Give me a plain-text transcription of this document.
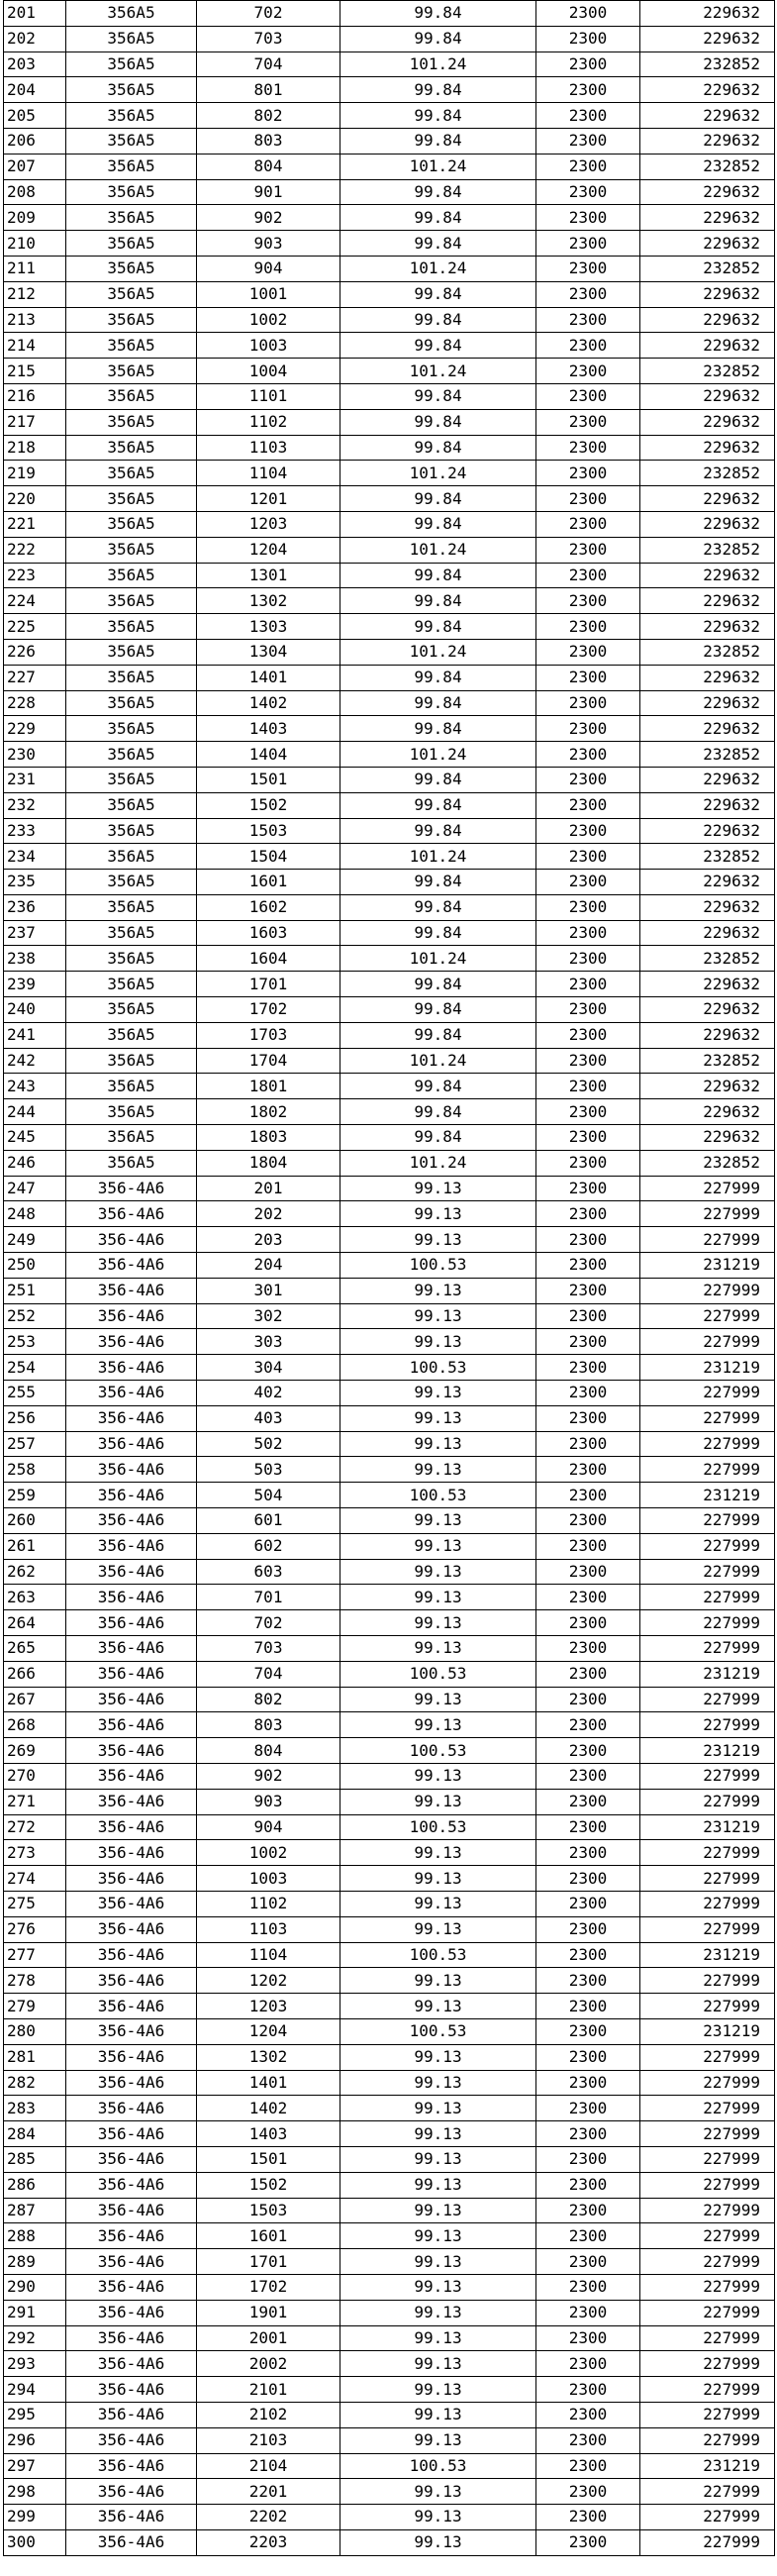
201	356A5	702	99.84	2300	229632
202	356A5	703	99.84	2300	229632
203	356A5	704	101.24	2300	232852
204	356A5	801	99.84	2300	229632
205	356A5	802	99.84	2300	229632
206	356A5	803	99.84	2300	229632
207	356A5	804	101.24	2300	232852
208	356A5	901	99.84	2300	229632
209	356A5	902	99.84	2300	229632
210	356A5	903	99.84	2300	229632
211	356A5	904	101.24	2300	232852
212	356A5	1001	99.84	2300	229632
213	356A5	1002	99.84	2300	229632
214	356A5	1003	99.84	2300	229632
215	356A5	1004	101.24	2300	232852
216	356A5	1101	99.84	2300	229632
217	356A5	1102	99.84	2300	229632
218	356A5	1103	99.84	2300	229632
219	356A5	1104	101.24	2300	232852
220	356A5	1201	99.84	2300	229632
221	356A5	1203	99.84	2300	229632
222	356A5	1204	101.24	2300	232852
223	356A5	1301	99.84	2300	229632
224	356A5	1302	99.84	2300	229632
225	356A5	1303	99.84	2300	229632
226	356A5	1304	101.24	2300	232852
227	356A5	1401	99.84	2300	229632
228	356A5	1402	99.84	2300	229632
229	356A5	1403	99.84	2300	229632
230	356A5	1404	101.24	2300	232852
231	356A5	1501	99.84	2300	229632
232	356A5	1502	99.84	2300	229632
233	356A5	1503	99.84	2300	229632
234	356A5	1504	101.24	2300	232852
235	356A5	1601	99.84	2300	229632
236	356A5	1602	99.84	2300	229632
237	356A5	1603	99.84	2300	229632
238	356A5	1604	101.24	2300	232852
239	356A5	1701	99.84	2300	229632
240	356A5	1702	99.84	2300	229632
241	356A5	1703	99.84	2300	229632
242	356A5	1704	101.24	2300	232852
243	356A5	1801	99.84	2300	229632
244	356A5	1802	99.84	2300	229632
245	356A5	1803	99.84	2300	229632
246	356A5	1804	101.24	2300	232852
247	356-4A6	201	99.13	2300	227999
248	356-4A6	202	99.13	2300	227999
249	356-4A6	203	99.13	2300	227999
250	356-4A6	204	100.53	2300	231219
251	356-4A6	301	99.13	2300	227999
252	356-4A6	302	99.13	2300	227999
253	356-4A6	303	99.13	2300	227999
254	356-4A6	304	100.53	2300	231219
255	356-4A6	402	99.13	2300	227999
256	356-4A6	403	99.13	2300	227999
257	356-4A6	502	99.13	2300	227999
258	356-4A6	503	99.13	2300	227999
259	356-4A6	504	100.53	2300	231219
260	356-4A6	601	99.13	2300	227999
261	356-4A6	602	99.13	2300	227999
262	356-4A6	603	99.13	2300	227999
263	356-4A6	701	99.13	2300	227999
264	356-4A6	702	99.13	2300	227999
265	356-4A6	703	99.13	2300	227999
266	356-4A6	704	100.53	2300	231219
267	356-4A6	802	99.13	2300	227999
268	356-4A6	803	99.13	2300	227999
269	356-4A6	804	100.53	2300	231219
270	356-4A6	902	99.13	2300	227999
271	356-4A6	903	99.13	2300	227999
272	356-4A6	904	100.53	2300	231219
273	356-4A6	1002	99.13	2300	227999
274	356-4A6	1003	99.13	2300	227999
275	356-4A6	1102	99.13	2300	227999
276	356-4A6	1103	99.13	2300	227999
277	356-4A6	1104	100.53	2300	231219
278	356-4A6	1202	99.13	2300	227999
279	356-4A6	1203	99.13	2300	227999
280	356-4A6	1204	100.53	2300	231219
281	356-4A6	1302	99.13	2300	227999
282	356-4A6	1401	99.13	2300	227999
283	356-4A6	1402	99.13	2300	227999
284	356-4A6	1403	99.13	2300	227999
285	356-4A6	1501	99.13	2300	227999
286	356-4A6	1502	99.13	2300	227999
287	356-4A6	1503	99.13	2300	227999
288	356-4A6	1601	99.13	2300	227999
289	356-4A6	1701	99.13	2300	227999
290	356-4A6	1702	99.13	2300	227999
291	356-4A6	1901	99.13	2300	227999
292	356-4A6	2001	99.13	2300	227999
293	356-4A6	2002	99.13	2300	227999
294	356-4A6	2101	99.13	2300	227999
295	356-4A6	2102	99.13	2300	227999
296	356-4A6	2103	99.13	2300	227999
297	356-4A6	2104	100.53	2300	231219
298	356-4A6	2201	99.13	2300	227999
299	356-4A6	2202	99.13	2300	227999
300	356-4A6	2203	99.13	2300	227999
